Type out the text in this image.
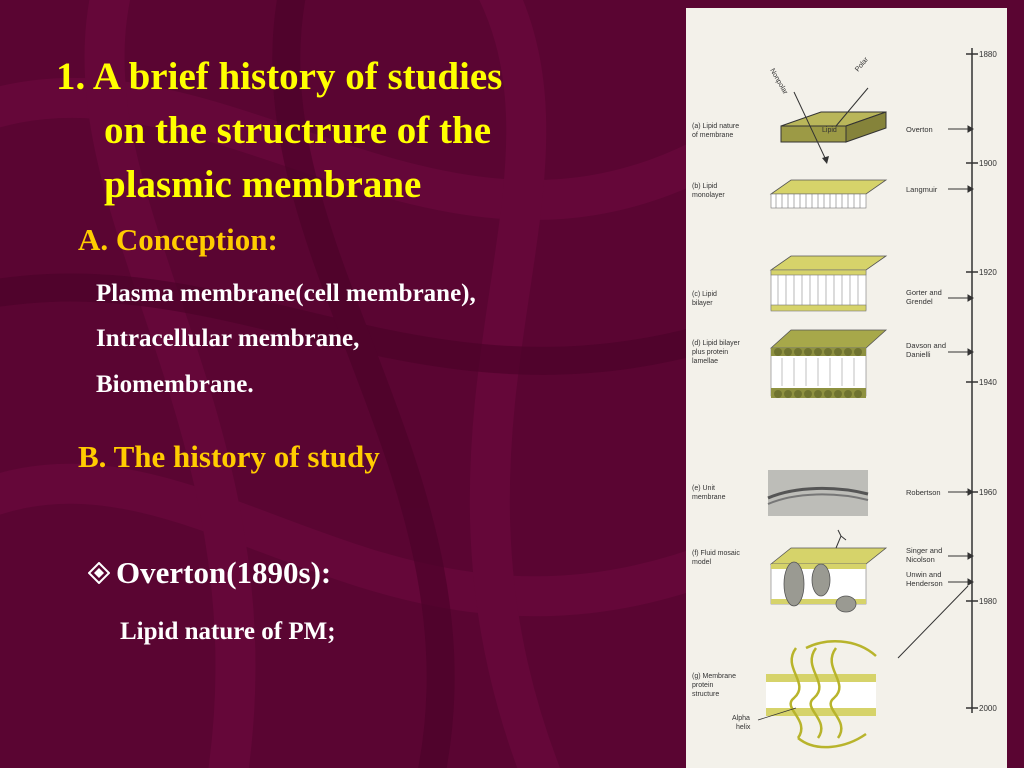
1. A brief history of studies
on the structrure of the
plasmic membrane
A. Conception:
Plasma membrane(cell membrane),
Intracellular membrane,
Biomembrane.
B. The history of study
Overton(1890s):
Lipid nature of PM;
1880
1900
1920
1940
1960
1980
2000
(a) Lipid nature
of membrane
(b) Lipid
monolayer
(c) Lipid
bilayer
(d) Lipid bilayer
plus protein
lamellae
(e) Unit
membrane
(f) Fluid mosaic
model
(g) Membrane
protein
structure
Overton
Langmuir
Gorter and
Grendel
Davson and
Danielli
Robertson
Singer and
Nicolson
Unwin and
Henderson
Lipid
Nonpolar
Polar
Alpha
helix
